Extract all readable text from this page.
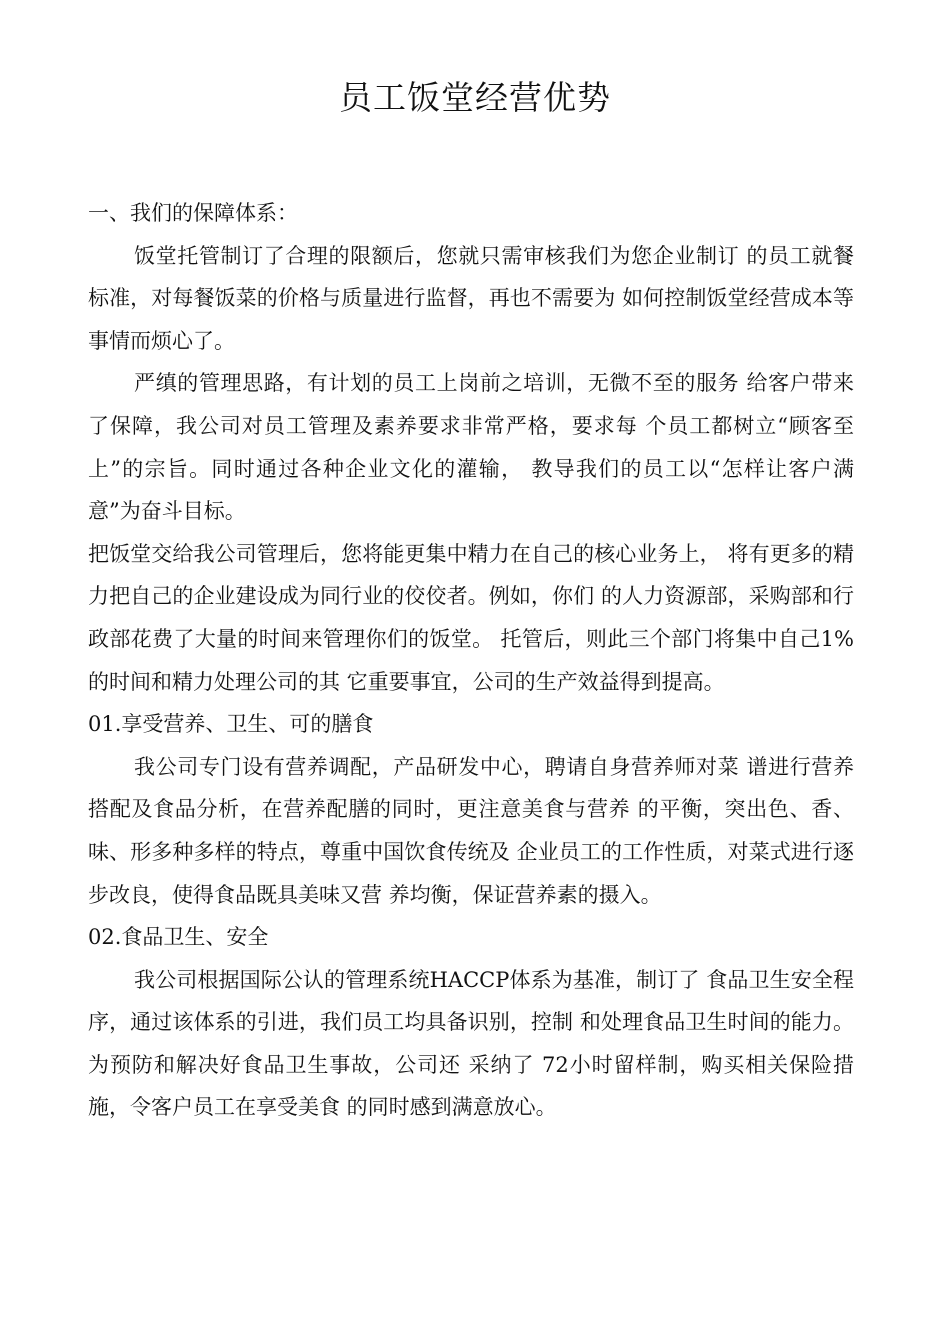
员工饭堂经营优势

一、我们的保障体系：

饭堂托管制订了合理的限额后，您就只需审核我们为您企业制订 的员工就餐标准，对每餐饭菜的价格与质量进行监督，再也不需要为 如何控制饭堂经营成本等事情而烦心了。

严缜的管理思路，有计划的员工上岗前之培训，无微不至的服务 给客户带来了保障，我公司对员工管理及素养要求非常严格，要求每 个员工都树立“顾客至上”的宗旨。同时通过各种企业文化的灌输， 教导我们的员工以“怎样让客户满意”为奋斗目标。

把饭堂交给我公司管理后，您将能更集中精力在自己的核心业务上， 将有更多的精力把自己的企业建设成为同行业的佼佼者。例如，你们 的人力资源部，采购部和行政部花费了大量的时间来管理你们的饭堂。 托管后，则此三个部门将集中自己1%的时间和精力处理公司的其 它重要事宜，公司的生产效益得到提高。

01.享受营养、卫生、可的膳食

我公司专门设有营养调配，产品研发中心，聘请自身营养师对菜 谱进行营养搭配及食品分析，在营养配膳的同时，更注意美食与营养 的平衡，突出色、香、味、形多种多样的特点，尊重中国饮食传统及 企业员工的工作性质，对菜式进行逐步改良，使得食品既具美味又营 养均衡，保证营养素的摄入。

02.食品卫生、安全

我公司根据国际公认的管理系统HACCP体系为基准，制订了 食品卫生安全程序，通过该体系的引进，我们员工均具备识别，控制 和处理食品卫生时间的能力。为预防和解决好食品卫生事故，公司还 采纳了 72小时留样制，购买相关保险措施，令客户员工在享受美食 的同时感到满意放心。
